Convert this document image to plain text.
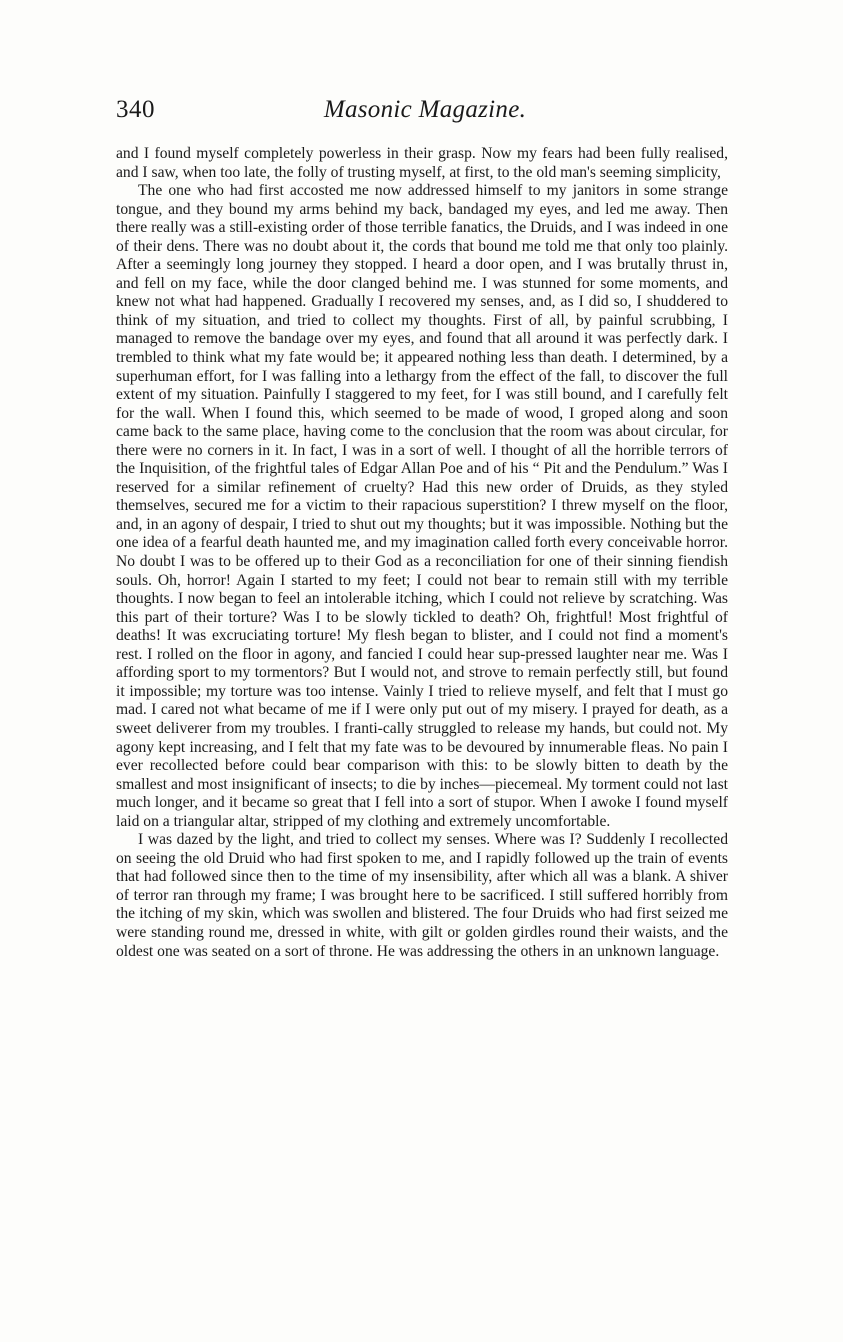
340	Masonic Magazine.

and I found myself completely powerless in their grasp. Now my fears had been fully realised, and I saw, when too late, the folly of trusting myself, at first, to the old man's seeming simplicity,

The one who had first accosted me now addressed himself to my janitors in some strange tongue, and they bound my arms behind my back, bandaged my eyes, and led me away. Then there really was a still-existing order of those terrible fanatics, the Druids, and I was indeed in one of their dens. There was no doubt about it, the cords that bound me told me that only too plainly. After a seemingly long journey they stopped. I heard a door open, and I was brutally thrust in, and fell on my face, while the door clanged behind me. I was stunned for some moments, and knew not what had happened. Gradually I recovered my senses, and, as I did so, I shuddered to think of my situation, and tried to collect my thoughts. First of all, by painful scrubbing, I managed to remove the bandage over my eyes, and found that all around it was perfectly dark. I trembled to think what my fate would be; it appeared nothing less than death. I determined, by a superhuman effort, for I was falling into a lethargy from the effect of the fall, to discover the full extent of my situation. Painfully I staggered to my feet, for I was still bound, and I carefully felt for the wall. When I found this, which seemed to be made of wood, I groped along and soon came back to the same place, having come to the conclusion that the room was about circular, for there were no corners in it. In fact, I was in a sort of well. I thought of all the horrible terrors of the Inquisition, of the frightful tales of Edgar Allan Poe and of his “ Pit and the Pendulum.” Was I reserved for a similar refinement of cruelty? Had this new order of Druids, as they styled themselves, secured me for a victim to their rapacious superstition? I threw myself on the floor, and, in an agony of despair, I tried to shut out my thoughts; but it was impossible. Nothing but the one idea of a fearful death haunted me, and my imagination called forth every conceivable horror. No doubt I was to be offered up to their God as a reconciliation for one of their sinning fiendish souls. Oh, horror! Again I started to my feet; I could not bear to remain still with my terrible thoughts. I now began to feel an intolerable itching, which I could not relieve by scratching. Was this part of their torture? Was I to be slowly tickled to death? Oh, frightful! Most frightful of deaths! It was excruciating torture! My flesh began to blister, and I could not find a moment's rest. I rolled on the floor in agony, and fancied I could hear sup-pressed laughter near me. Was I affording sport to my tormentors? But I would not, and strove to remain perfectly still, but found it impossible; my torture was too intense. Vainly I tried to relieve myself, and felt that I must go mad. I cared not what became of me if I were only put out of my misery. I prayed for death, as a sweet deliverer from my troubles. I franti-cally struggled to release my hands, but could not. My agony kept increasing, and I felt that my fate was to be devoured by innumerable fleas. No pain I ever recollected before could bear comparison with this: to be slowly bitten to death by the smallest and most insignificant of insects; to die by inches—piecemeal. My torment could not last much longer, and it became so great that I fell into a sort of stupor. When I awoke I found myself laid on a triangular altar, stripped of my clothing and extremely uncomfortable.

I was dazed by the light, and tried to collect my senses. Where was I? Suddenly I recollected on seeing the old Druid who had first spoken to me, and I rapidly followed up the train of events that had followed since then to the time of my insensibility, after which all was a blank. A shiver of terror ran through my frame; I was brought here to be sacrificed. I still suffered horribly from the itching of my skin, which was swollen and blistered. The four Druids who had first seized me were standing round me, dressed in white, with gilt or golden girdles round their waists, and the oldest one was seated on a sort of throne. He was addressing the others in an unknown language.
